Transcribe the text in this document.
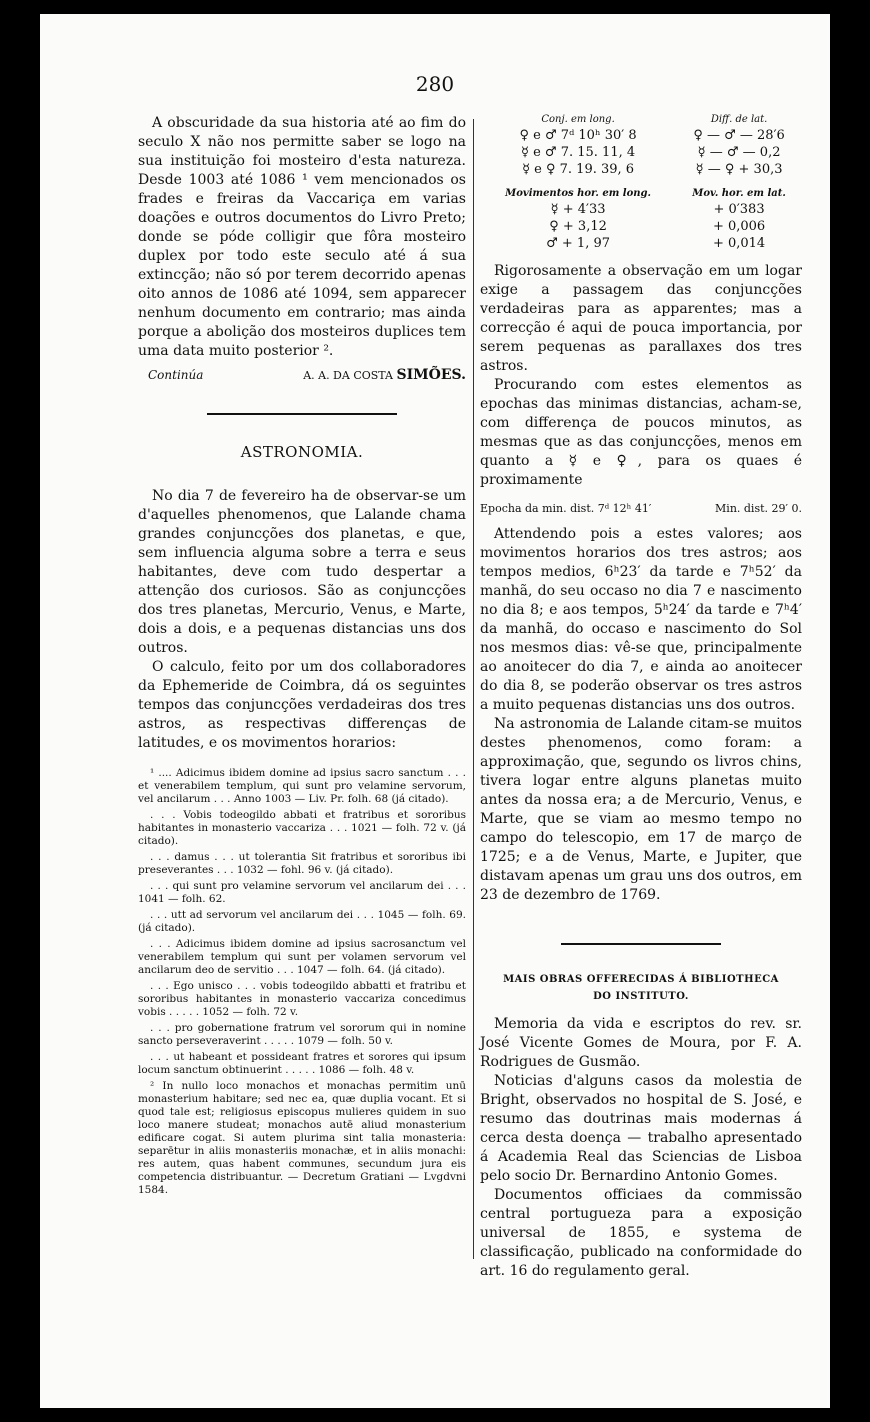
280

A obscuridade da sua historia até ao fim do seculo X não nos permitte saber se logo na sua instituição foi mosteiro d'esta natureza. Desde 1003 até 1086 ¹ vem mencionados os frades e freiras da Vaccariça em varias doações e outros documentos do Livro Preto; donde se póde colligir que fôra mosteiro duplex por todo este seculo até á sua extincção; não só por terem decorrido apenas oito annos de 1086 até 1094, sem apparecer nenhum documento em contrario; mas ainda porque a abolição dos mosteiros duplices tem uma data muito posterior ².

Continúa	A. A. DA COSTA SIMÕES.
ASTRONOMIA.

No dia 7 de fevereiro ha de observar-se um d'aquelles phenomenos, que Lalande chama grandes conjuncções dos planetas, e que, sem influencia alguma sobre a terra e seus habitantes, deve com tudo despertar a attenção dos curiosos. São as conjuncções dos tres planetas, Mercurio, Venus, e Marte, dois a dois, e a pequenas distancias uns dos outros.

O calculo, feito por um dos collaboradores da Ephemeride de Coimbra, dá os seguintes tempos das conjuncções verdadeiras dos tres astros, as respectivas differenças de latitudes, e os movimentos horarios:

¹ .... Adicimus ibidem domine ad ipsius sacro sanctum . . . et venerabilem templum, qui sunt pro velamine servorum, vel ancilarum . . . Anno 1003 — Liv. Pr. folh. 68 (já citado).
. . . Vobis todeogildo abbati et fratribus et sororibus habitantes in monasterio vaccariza . . . 1021 — folh. 72 v. (já citado).
. . . damus . . . ut tolerantia Sit fratribus et sororibus ibi preseverantes . . . 1032 — fohl. 96 v. (já citado).
. . . qui sunt pro velamine servorum vel ancilarum dei . . . 1041 — folh. 62.
. . . utt ad servorum vel ancilarum dei . . . 1045 — folh. 69. (já citado).
. . . Adicimus ibidem domine ad ipsius sacrosanctum vel venerabilem templum qui sunt per volamen servorum vel ancilarum deo de servitio . . . 1047 — folh. 64. (já citado).
. . . Ego unisco . . . vobis todeogildo abbatti et fratribu et sororibus habitantes in monasterio vaccariza concedimus vobis . . . . . 1052 — folh. 72 v.
. . . pro gobernatione fratrum vel sororum qui in nomine sancto perseveraverint . . . . . 1079 — folh. 50 v.
. . . ut habeant et possideant fratres et sorores qui ipsum locum sanctum obtinuerint . . . . . 1086 — folh. 48 v.
² In nullo loco monachos et monachas permitim unū monasterium habitare; sed nec ea, quæ duplia vocant. Et si quod tale est; religiosus episcopus mulieres quidem in suo loco manere studeat; monachos autē aliud monasterium edificare cogat. Si autem plurima sint talia monasteria: separētur in aliis monasteriis monachæ, et in aliis monachi: res autem, quas habent communes, secundum jura eis competencia distribuantur. — Decretum Gratiani — Lvgdvni 1584.
Conj. em long.	Diff. de lat.
♀ e ♂ 7ᵈ 10ʰ 30′ 8	♀ — ♂ — 28′6
☿ e ♂ 7. 15. 11, 4	☿ — ♂ — 0,2
☿ e ♀ 7. 19. 39, 6	☿ — ♀ + 30,3
Movimentos hor. em long.	Mov. hor. em lat.
☿ + 4′33	+ 0′383
♀ + 3,12	+ 0,006
♂ + 1, 97	+ 0,014

Rigorosamente a observação em um logar exige a passagem das conjuncções verdadeiras para as apparentes; mas a correcção é aqui de pouca importancia, por serem pequenas as parallaxes dos tres astros.

Procurando com estes elementos as epochas das minimas distancias, acham-se, com differença de poucos minutos, as mesmas que as das conjuncções, menos em quanto a ☿ e ♀, para os quaes é proximamente

Epocha da min. dist. 7ᵈ 12ʰ 41′	Min. dist. 29′ 0.

Attendendo pois a estes valores; aos movimentos horarios dos tres astros; aos tempos medios, 6ʰ23′ da tarde e 7ʰ52′ da manhã, do seu occaso no dia 7 e nascimento no dia 8; e aos tempos, 5ʰ24′ da tarde e 7ʰ4′ da manhã, do occaso e nascimento do Sol nos mesmos dias: vê-se que, principalmente ao anoitecer do dia 7, e ainda ao anoitecer do dia 8, se poderão observar os tres astros a muito pequenas distancias uns dos outros.

Na astronomia de Lalande citam-se muitos destes phenomenos, como foram: a approximação, que, segundo os livros chins, tivera logar entre alguns planetas muito antes da nossa era; a de Mercurio, Venus, e Marte, que se viam ao mesmo tempo no campo do telescopio, em 17 de março de 1725; e a de Venus, Marte, e Jupiter, que distavam apenas um grau uns dos outros, em 23 de dezembro de 1769.

MAIS OBRAS OFFERECIDAS Á BIBLIOTHECA
DO INSTITUTO.

Memoria da vida e escriptos do rev. sr. José Vicente Gomes de Moura, por F. A. Rodrigues de Gusmão.

Noticias d'alguns casos da molestia de Bright, observados no hospital de S. José, e resumo das doutrinas mais modernas á cerca desta doença — trabalho apresentado á Academia Real das Sciencias de Lisboa pelo socio Dr. Bernardino Antonio Gomes.

Documentos officiaes da commissão central portugueza para a exposição universal de 1855, e systema de classificação, publicado na conformidade do art. 16 do regulamento geral.
